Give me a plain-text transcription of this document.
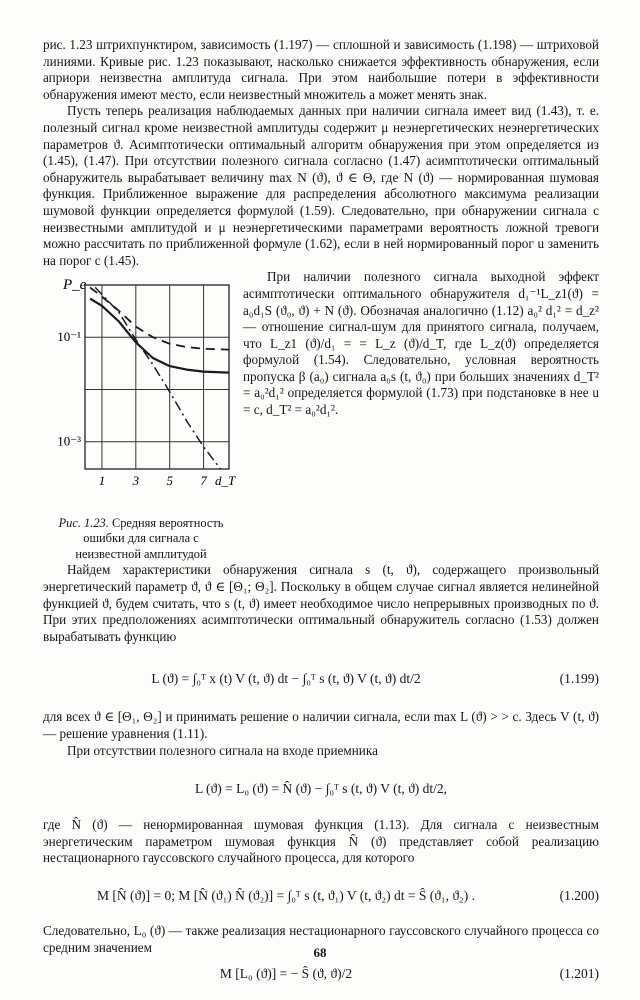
рис. 1.23 штрихпунктиром, зависимость (1.197) — сплошной и зависимость (1.198) — штриховой линиями. Кривые рис. 1.23 показывают, насколько снижается эффективность обнаружения, если априори неизвестна амплитуда сигнала. При этом наибольшие потери в эффективности обнаружения имеют место, если неизвестный множитель a может менять знак.

Пусть теперь реализация наблюдаемых данных при наличии сигнала имеет вид (1.43), т. е. полезный сигнал кроме неизвестной амплитуды содержит μ неэнергетических неэнергетических параметров ϑ. Асимптотически оптимальный алгоритм обнаружения при этом определяется из (1.45), (1.47). При отсутствии полезного сигнала согласно (1.47) асимптотически оптимальный обнаружитель вырабатывает величину max N (ϑ), ϑ ∈ Θ, где N (ϑ) — нормированная шумовая функция. Приближенное выражение для распределения абсолютного максимума реализации шумовой функции определяется формулой (1.59). Следовательно, при обнаружении сигнала с неизвестными амплитудой и μ неэнергетическими параметрами вероятность ложной тревоги можно рассчитать по приближенной формуле (1.62), если в ней нормированный порог u заменить на порог c (1.45).

1 3 5 7
10⁻¹
10⁻³
P_e
d_T
Рис. 1.23. Средняя вероятность ошибки для сигнала с неизвестной амплитудой

При наличии полезного сигнала выходной эффект асимптотически оптимального обнаружителя d₁⁻¹L_z1(ϑ) = a₀d₁S (ϑ₀, ϑ) + N (ϑ). Обозначая аналогично (1.12) a₀² d₁² = d_z² — отношение сигнал-шум для принятого сигнала, получаем, что L_z1 (ϑ)/d₁ = = L_z (ϑ)/d_T, где L_z(ϑ) определяется формулой (1.54). Следовательно, условная вероятность пропуска β (a₀) сигнала a₀s (t, ϑ₀) при больших значениях d_T² = a₀²d₁² определяется формулой (1.73) при подстановке в нее u = c, d_T² = a₀²d₁².

Найдем характеристики обнаружения сигнала s (t, ϑ), содержащего произвольный энергетический параметр ϑ, ϑ ∈ [Θ₁; Θ₂]. Поскольку в общем случае сигнал является нелинейной функцией ϑ, будем считать, что s (t, ϑ) имеет необходимое число непрерывных производных по ϑ. При этих предположениях асимптотически оптимальный обнаружитель согласно (1.53) должен вырабатывать функцию

L (ϑ) = ∫₀ᵀ x (t) V (t, ϑ) dt − ∫₀ᵀ s (t, ϑ) V (t, ϑ) dt/2	(1.199)

для всех ϑ ∈ [Θ₁, Θ₂] и принимать решение о наличии сигнала, если max L (ϑ) > > c. Здесь V (t, ϑ) — решение уравнения (1.11).

При отсутствии полезного сигнала на входе приемника

L (ϑ) = L₀ (ϑ) = N̂ (ϑ) − ∫₀ᵀ s (t, ϑ) V (t, ϑ) dt/2,

где N̂ (ϑ) — ненормированная шумовая функция (1.13). Для сигнала с неизвестным энергетическим параметром шумовая функция N̂ (ϑ) представляет собой реализацию нестационарного гауссовского случайного процесса, для которого

M [N̂ (ϑ)] = 0; M [N̂ (ϑ₁) N̂ (ϑ₂)] = ∫₀ᵀ s (t, ϑ₁) V (t, ϑ₂) dt = Ŝ (ϑ₁, ϑ₂) .	(1.200)

Следовательно, L₀ (ϑ) — также реализация нестационарного гауссовского случайного процесса со средним значением

M [L₀ (ϑ)] = − Ŝ (ϑ, ϑ)/2	(1.201)
68
